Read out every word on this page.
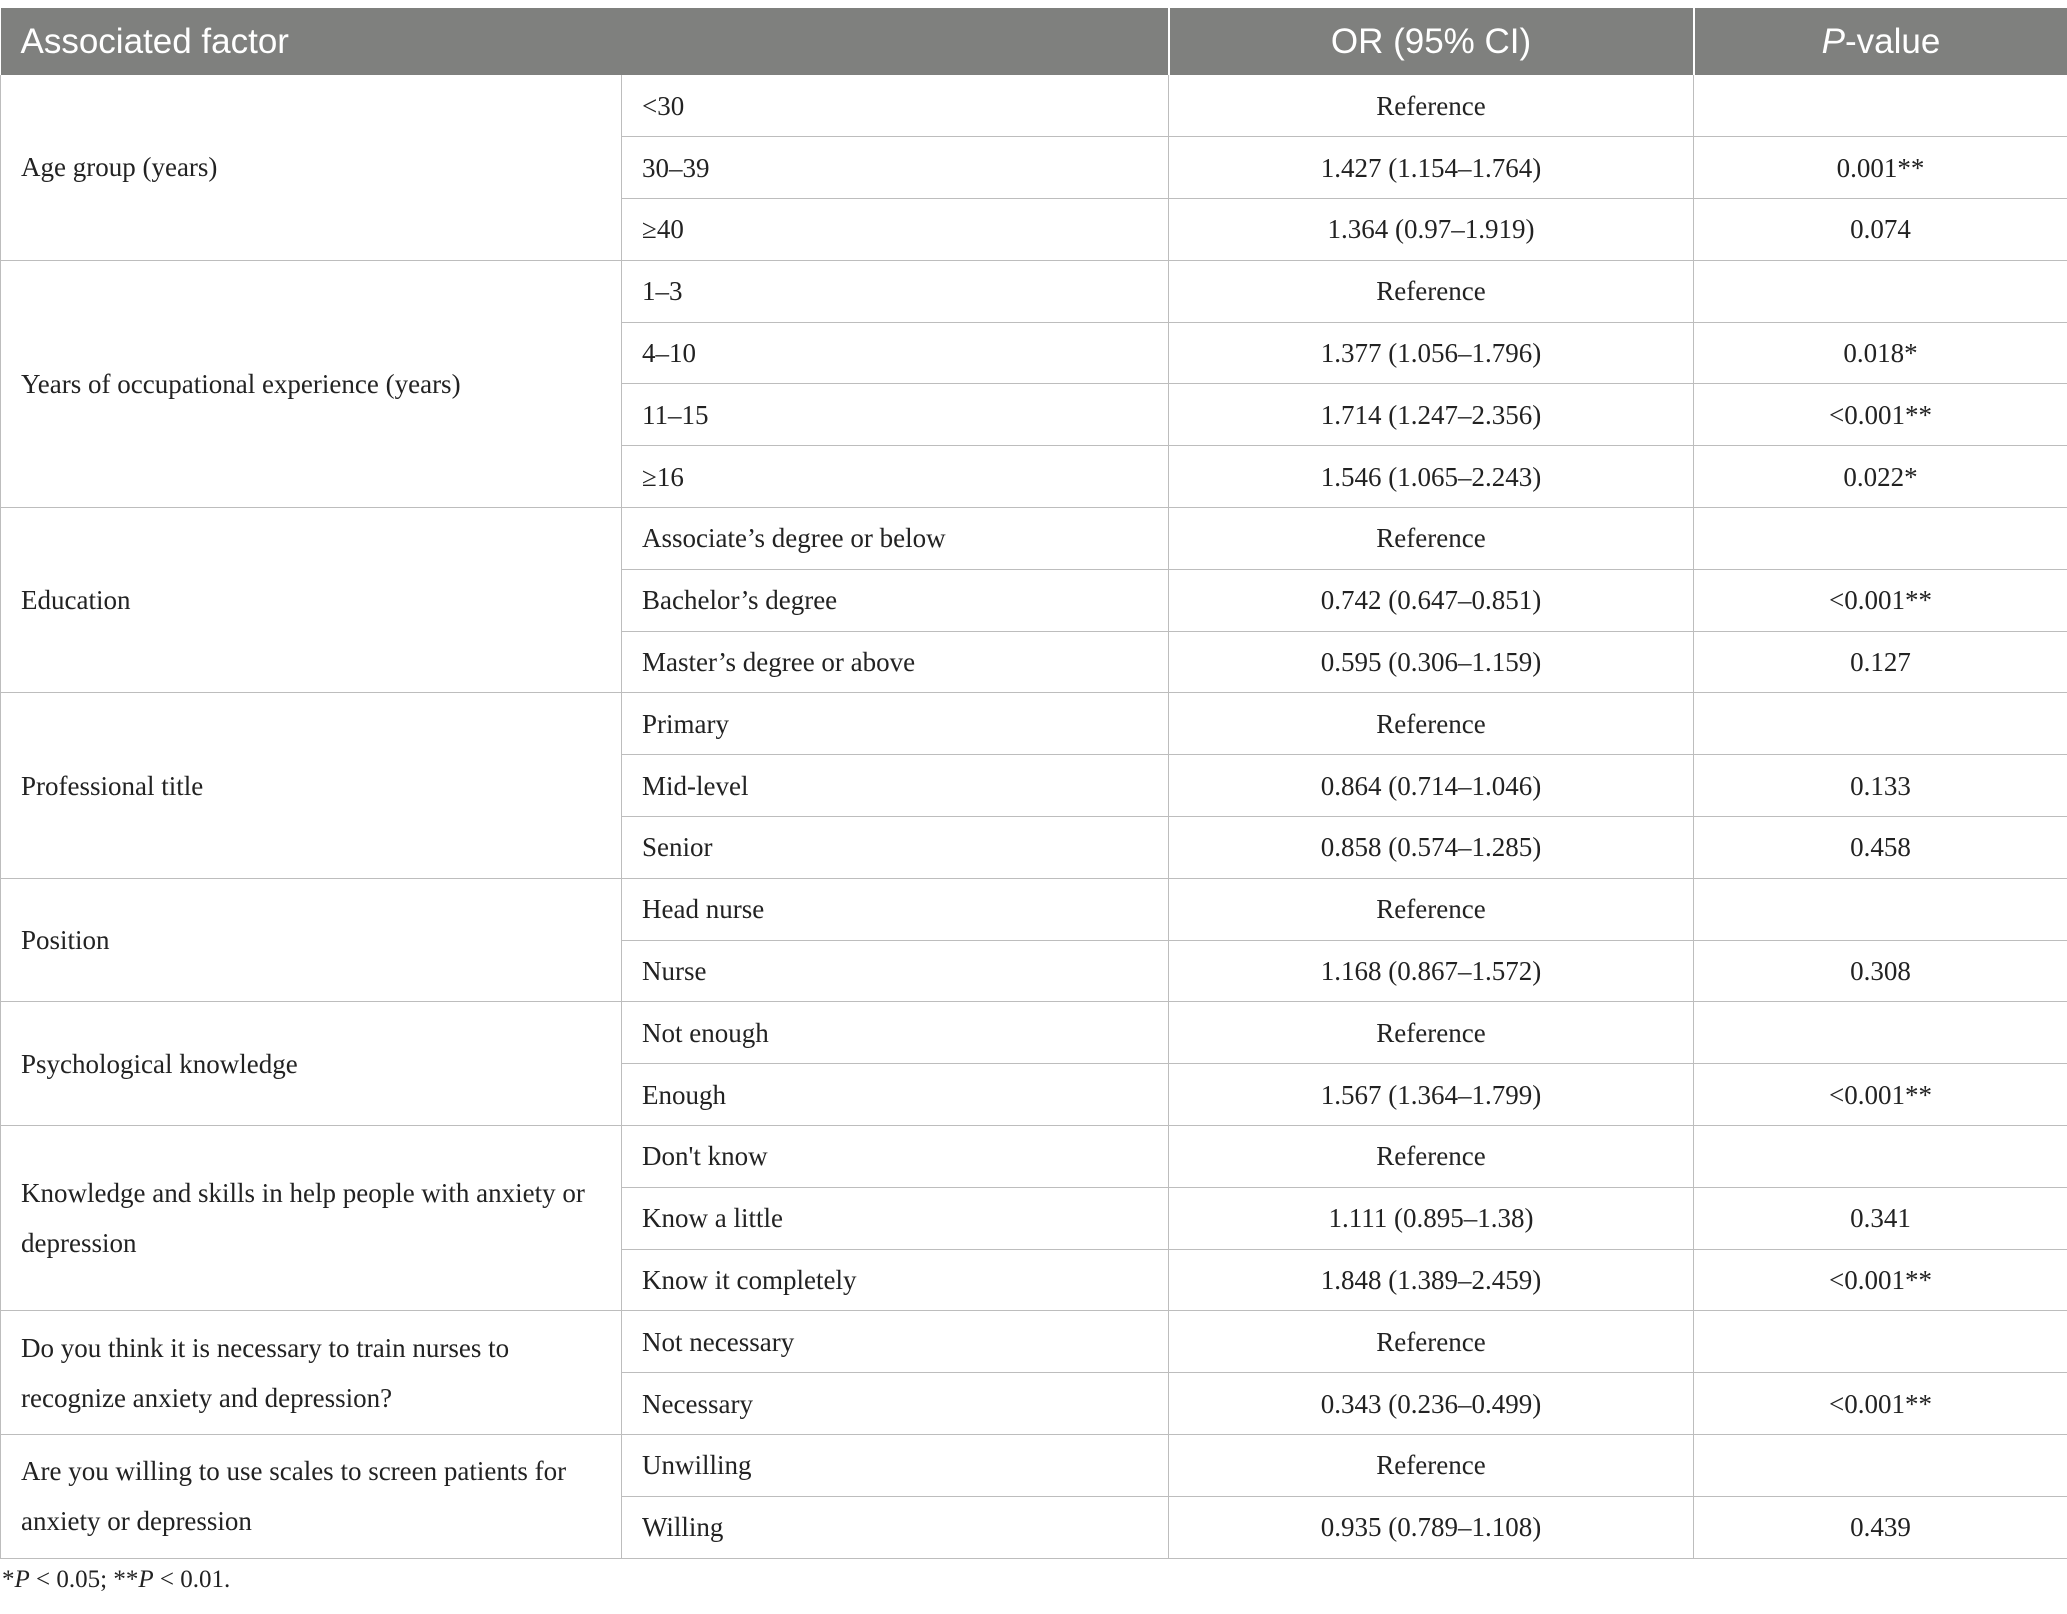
Associated factor		OR (95% CI)	P-value
Age group (years)	<30	Reference	
	30–39	1.427 (1.154–1.764)	0.001**
	≥40	1.364 (0.97–1.919)	0.074
Years of occupational experience (years)	1–3	Reference	
	4–10	1.377 (1.056–1.796)	0.018*
	11–15	1.714 (1.247–2.356)	<0.001**
	≥16	1.546 (1.065–2.243)	0.022*
Education	Associate’s degree or below	Reference	
	Bachelor’s degree	0.742 (0.647–0.851)	<0.001**
	Master’s degree or above	0.595 (0.306–1.159)	0.127
Professional title	Primary	Reference	
	Mid-level	0.864 (0.714–1.046)	0.133
	Senior	0.858 (0.574–1.285)	0.458
Position	Head nurse	Reference	
	Nurse	1.168 (0.867–1.572)	0.308
Psychological knowledge	Not enough	Reference	
	Enough	1.567 (1.364–1.799)	<0.001**
Knowledge and skills in help people with anxiety or depression	Don't know	Reference	
	Know a little	1.111 (0.895–1.38)	0.341
	Know it completely	1.848 (1.389–2.459)	<0.001**
Do you think it is necessary to train nurses to recognize anxiety and depression?	Not necessary	Reference	
	Necessary	0.343 (0.236–0.499)	<0.001**
Are you willing to use scales to screen patients for anxiety or depression	Unwilling	Reference	
	Willing	0.935 (0.789–1.108)	0.439
*P < 0.05; **P < 0.01.
